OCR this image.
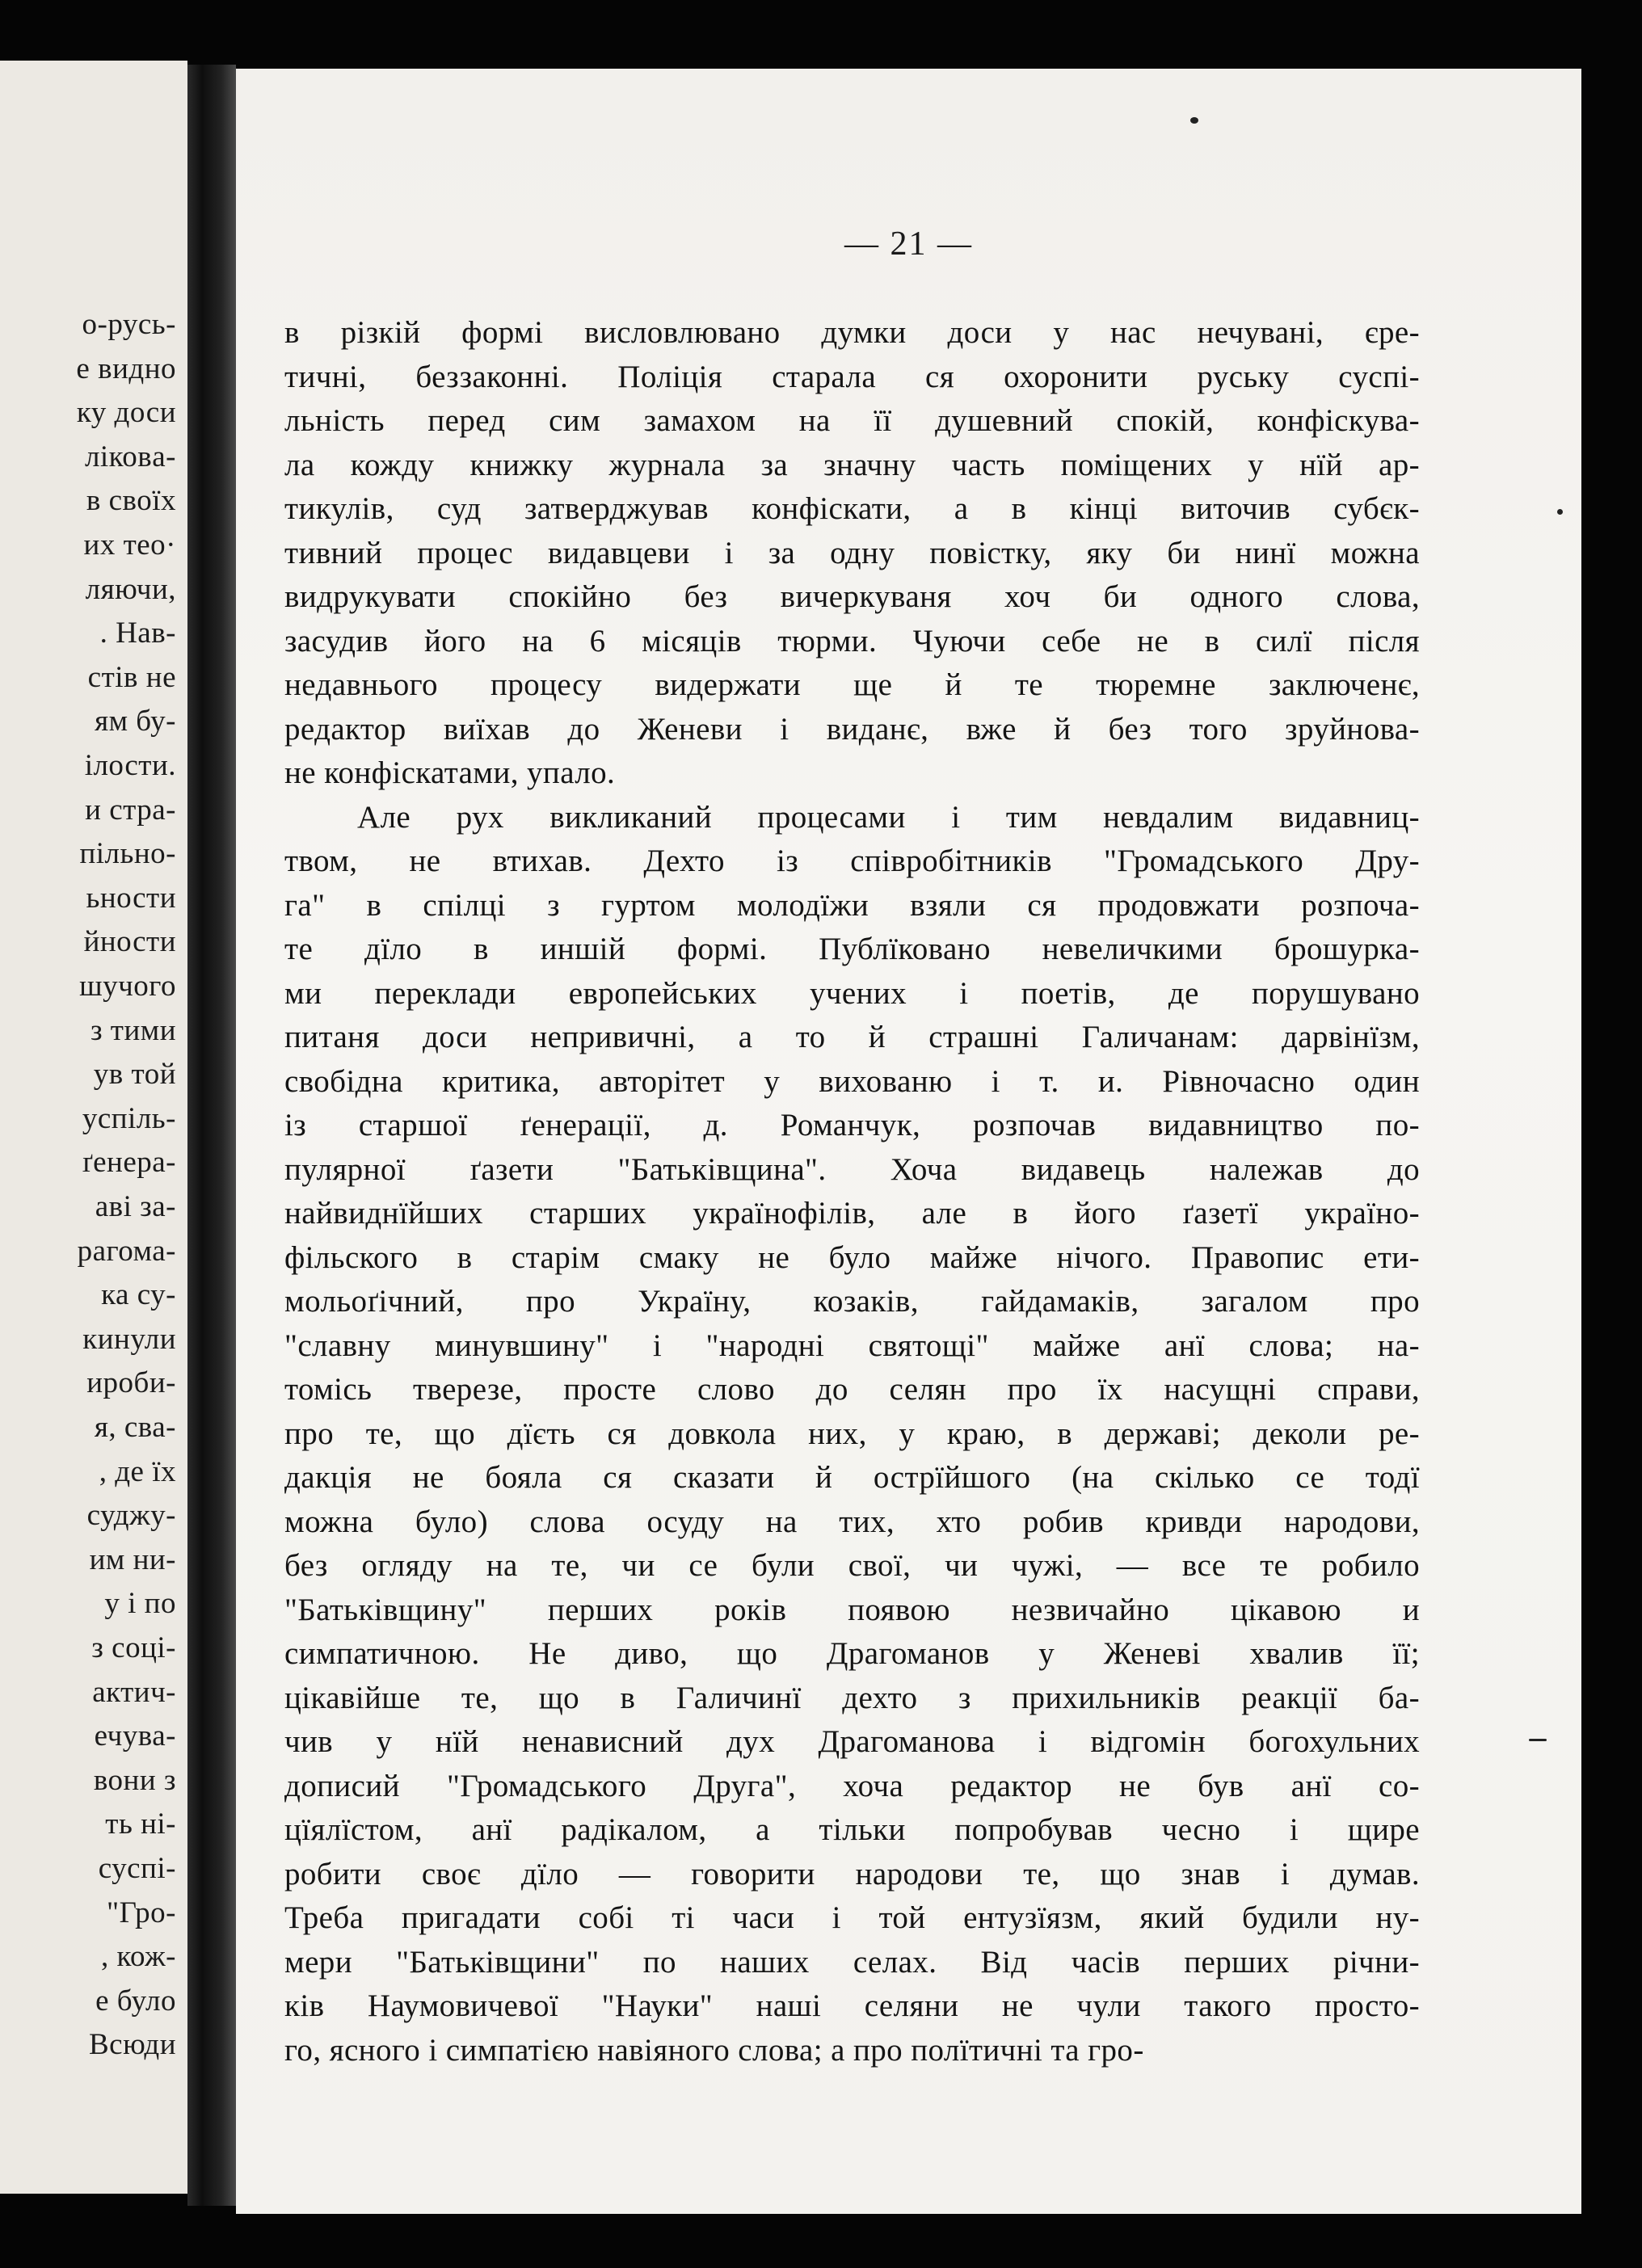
о-русь-
е видно
ку доси
ліковa-
в своїх
их тео·
ляючи,
. Нав-
стів не
ям бу-
ілости.
и стра-
пільно-
ьности
йности
шучого
з тими
ув той
успіль-
ґенера-
аві за-
рагома-
ка су-
кинули
ироби-
я, сва-
, де їх
суджу-
им ни-
у і по
з соці-
актич-
ечува-
вони з
ть ні-
суспі-
"Гро-
, кож-
е було
Всюди
— 21 —
в різкій формі висловлювано думки доси у нас нечувані, єре-
тичні, беззаконні. Поліція старала ся охоронити руську суспі-
льність перед сим замахом на її душевний спокій, конфіскува-
ла кожду книжку журнала за значну часть поміщених у нїй ар-
тикулів, суд затверджував конфіскати, а в кінці виточив субєк-
тивний процес видавцеви і за одну повістку, яку би нинї можна
видрукувати спокійно без вичеркуваня хоч би одного слова,
засудив його на 6 місяців тюрми. Чуючи себе не в силї після
недавнього процесу видержати ще й те тюремне заключенє,
редактор виїхав до Женеви і виданє, вже й без того зруйнова-
не конфіскатами, упало.
Але рух викликаний процесами і тим невдалим видавниц-
твом, не втихав. Дехто із співробітників "Громадського Дру-
га" в спілці з гуртом молодїжи взяли ся продовжати розпоча-
те дїло в иншій формі. Публїковано невеличкими брошурка-
ми переклади европейських учених і поетів, де порушувано
питаня доси непривичні, а то й страшні Галичанам: дарвінїзм,
свобідна критика, авторітет у вихованю і т. и. Рівночасно один
із старшої ґенерації, д. Романчук, розпочав видавництво по-
пулярної ґазети "Батьківщина". Хоча видавець належав до
найвиднїйших старших українофілів, але в його ґазетї україно-
фільского в старім смаку не було майже нічого. Правопис ети-
мольоґічний, про Україну, козаків, гайдамаків, загалом про
"славну минувшину" і "народні святощі" майже анї слова; на-
томісь тверезе, просте слово до селян про їх насущні справи,
про те, що дїєть ся довкола них, у краю, в державі; деколи ре-
дакція не бояла ся сказати й острїйшого (на скілько се тодї
можна було) слова осуду на тих, хто робив кривди народови,
без огляду на те, чи се були свої, чи чужі, — все те робило
"Батьківщину" перших років появою незвичайно цікавою и
симпатичною. Не диво, що Драгоманов у Женеві хвалив її;
цікавійше те, що в Галичинї дехто з прихильників реакції ба-
чив у нїй ненависний дух Драгоманова і відгомін богохульних
дописий "Громадського Друга", хоча редактор не був анї со-
цїялїстом, анї радікалом, а тільки попробував чесно і щире
робити своє дїло — говорити народови те, що знав і думав.
Треба пригадати собі ті часи і той ентузїязм, який будили ну-
мери "Батьківщини" по наших селах. Від часів перших річни-
ків Наумовичевої "Науки" наші селяни не чули такого просто-
го, ясного і симпатією навіяного слова; а про полїтичні та гро-
